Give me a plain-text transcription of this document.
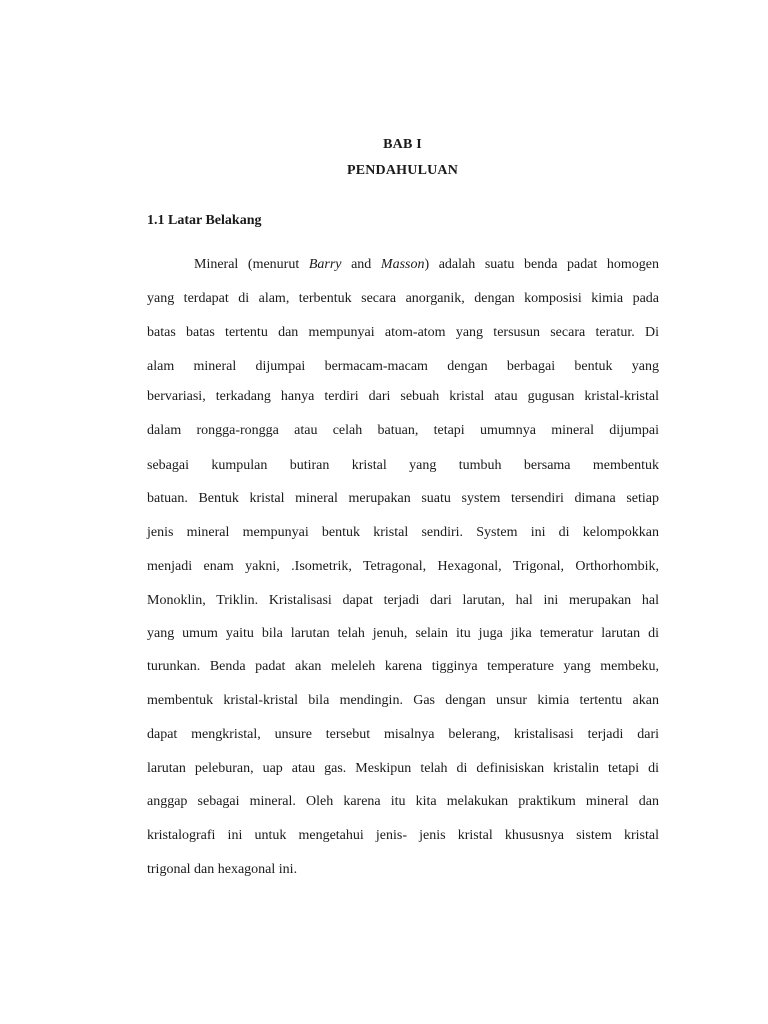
BAB I
PENDAHULUAN
1.1 Latar Belakang
Mineral (menurut Barry and Masson) adalah suatu benda padat homogen
yang terdapat di alam, terbentuk secara anorganik, dengan komposisi kimia pada
batas batas tertentu dan mempunyai atom-atom yang tersusun secara teratur. Di
alam mineral dijumpai bermacam-macam dengan berbagai bentuk yang
bervariasi, terkadang hanya terdiri dari sebuah kristal atau gugusan kristal-kristal
dalam rongga-rongga atau celah batuan, tetapi umumnya mineral dijumpai
sebagai kumpulan butiran kristal yang tumbuh bersama membentuk
batuan. Bentuk kristal mineral merupakan suatu system tersendiri dimana setiap
jenis mineral mempunyai bentuk kristal sendiri. System ini di kelompokkan
menjadi enam yakni, .Isometrik, Tetragonal, Hexagonal, Trigonal, Orthorhombik,
Monoklin, Triklin. Kristalisasi dapat terjadi dari larutan, hal ini merupakan hal
yang umum yaitu bila larutan telah jenuh, selain itu juga jika temeratur larutan di
turunkan. Benda padat akan meleleh karena tigginya temperature yang membeku,
membentuk kristal-kristal bila mendingin. Gas dengan unsur kimia tertentu akan
dapat mengkristal, unsure tersebut misalnya belerang, kristalisasi terjadi dari
larutan peleburan, uap atau gas. Meskipun telah di definisiskan kristalin tetapi di
anggap sebagai mineral. Oleh karena itu kita melakukan praktikum mineral dan
kristalografi ini untuk mengetahui jenis- jenis kristal khususnya sistem kristal
trigonal dan hexagonal ini.
